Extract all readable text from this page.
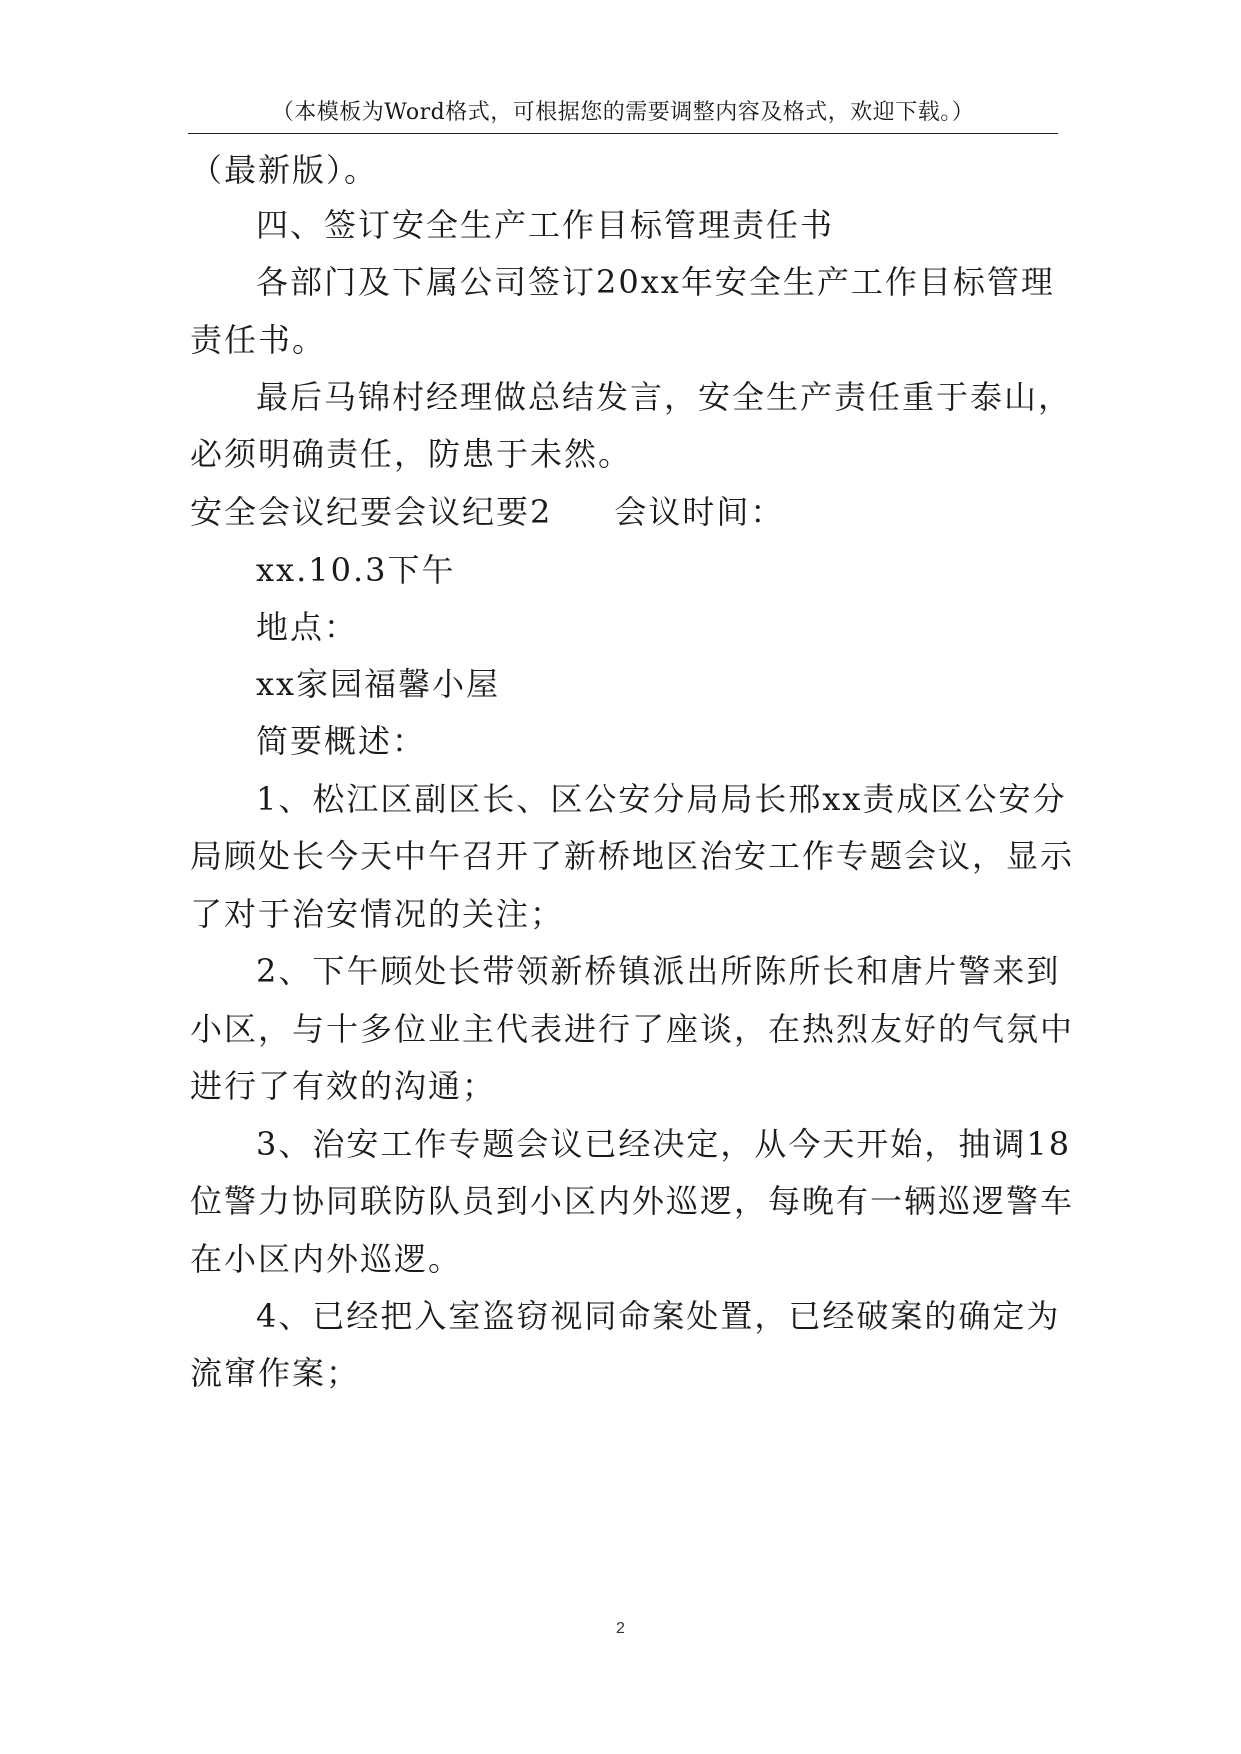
（本模板为Word格式，可根据您的需要调整内容及格式，欢迎下载。）
（最新版）。
四、签订安全生产工作目标管理责任书
各部门及下属公司签订20xx年安全生产工作目标管理
责任书。
最后马锦村经理做总结发言，安全生产责任重于泰山，
必须明确责任，防患于未然。
安全会议纪要会议纪要2 会议时间：
xx.10.3下午
地点：
xx家园福馨小屋
简要概述：
1、松江区副区长、区公安分局局长邢xx责成区公安分
局顾处长今天中午召开了新桥地区治安工作专题会议，显示
了对于治安情况的关注；
2、下午顾处长带领新桥镇派出所陈所长和唐片警来到
小区，与十多位业主代表进行了座谈，在热烈友好的气氛中
进行了有效的沟通；
3、治安工作专题会议已经决定，从今天开始，抽调18
位警力协同联防队员到小区内外巡逻，每晚有一辆巡逻警车
在小区内外巡逻。
4、已经把入室盗窃视同命案处置，已经破案的确定为
流窜作案；
2
